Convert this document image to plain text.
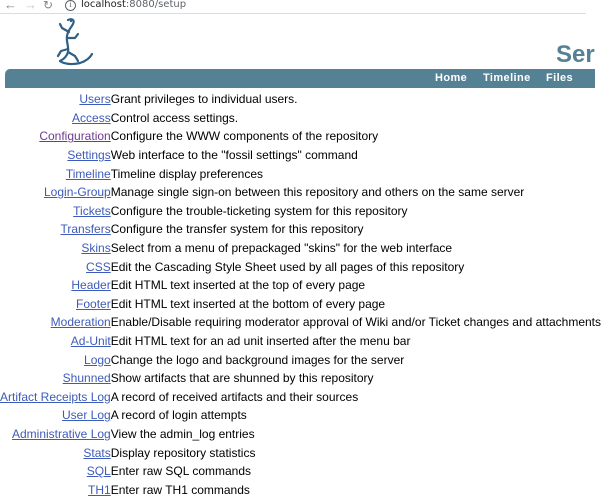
← → ↻	i localhost:8080/setup
Ser
Home Timeline Files
Users		Grant privileges to individual users.
Access		Control access settings.
Configuration		Configure the WWW components of the repository
Settings		Web interface to the "fossil settings" command
Timeline		Timeline display preferences
Login-Group		Manage single sign-on between this repository and others on the same server
Tickets		Configure the trouble-ticketing system for this repository
Transfers		Configure the transfer system for this repository
Skins		Select from a menu of prepackaged "skins" for the web interface
CSS		Edit the Cascading Style Sheet used by all pages of this repository
Header		Edit HTML text inserted at the top of every page
Footer		Edit HTML text inserted at the bottom of every page
Moderation		Enable/Disable requiring moderator approval of Wiki and/or Ticket changes and attachments
Ad-Unit		Edit HTML text for an ad unit inserted after the menu bar
Logo		Change the logo and background images for the server
Shunned		Show artifacts that are shunned by this repository
Artifact Receipts Log		A record of received artifacts and their sources
User Log		A record of login attempts
Administrative Log		View the admin_log entries
Stats		Display repository statistics
SQL		Enter raw SQL commands
TH1		Enter raw TH1 commands
